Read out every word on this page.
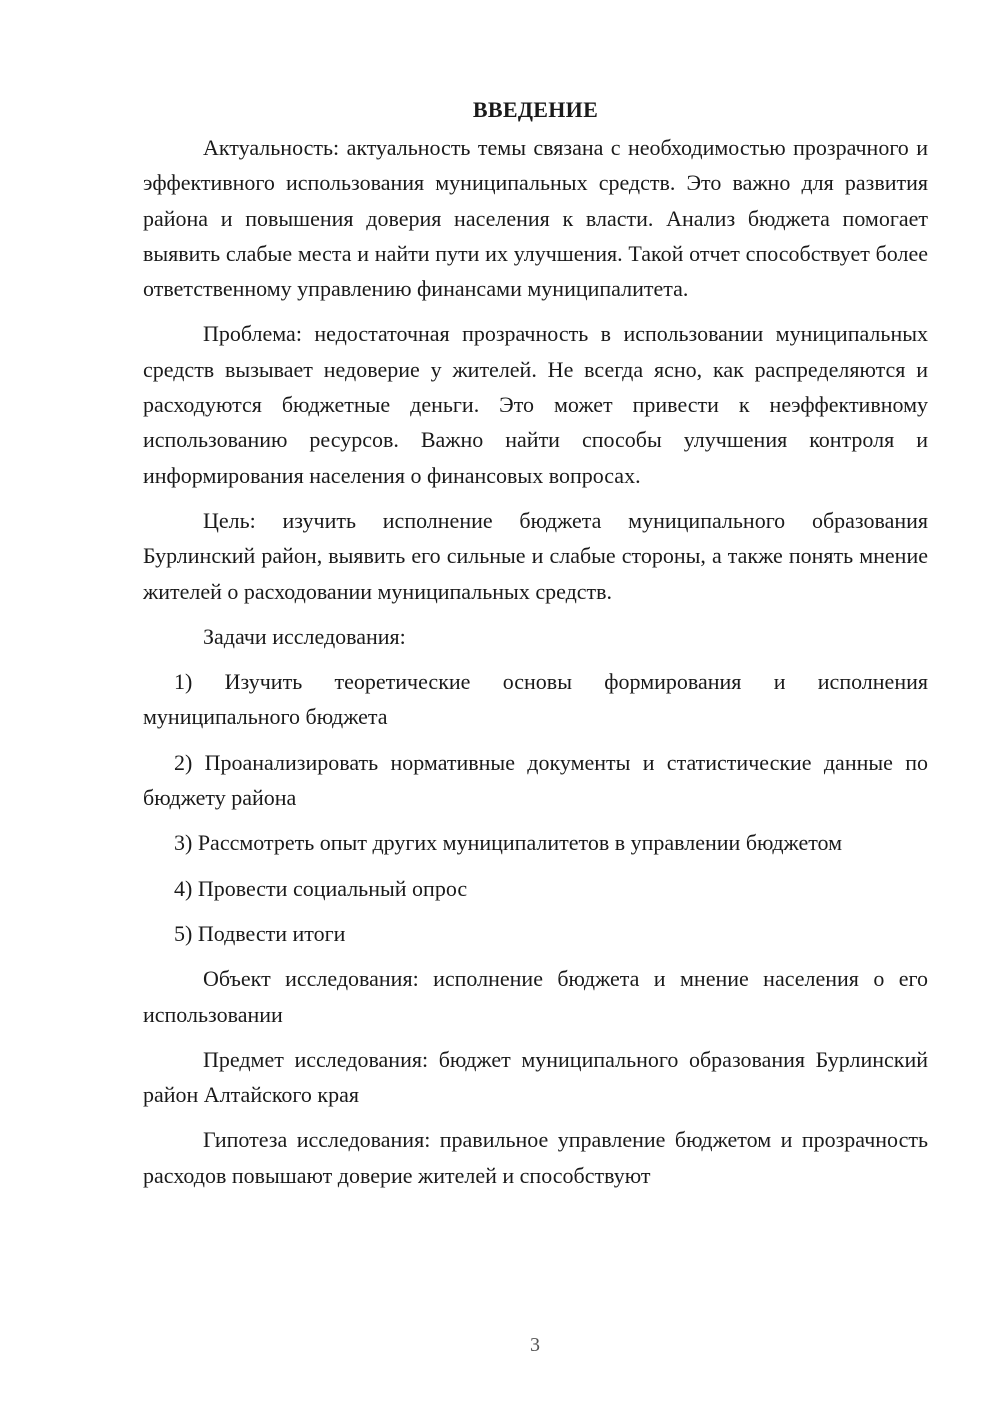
ВВЕДЕНИЕ

Актуальность: актуальность темы связана с необходимостью прозрачного и эффективного использования муниципальных средств. Это важно для развития района и повышения доверия населения к власти. Анализ бюджета помогает выявить слабые места и найти пути их улучшения. Такой отчет способствует более ответственному управлению финансами муниципалитета.

Проблема: недостаточная прозрачность в использовании муниципальных средств вызывает недоверие у жителей. Не всегда ясно, как распределяются и расходуются бюджетные деньги. Это может привести к неэффективному использованию ресурсов. Важно найти способы улучшения контроля и информирования населения о финансовых вопросах.

Цель: изучить исполнение бюджета муниципального образования Бурлинский район, выявить его сильные и слабые стороны, а также понять мнение жителей о расходовании муниципальных средств.

Задачи исследования:

1) Изучить теоретические основы формирования и исполнения муниципального бюджета

2) Проанализировать нормативные документы и статистические данные по бюджету района

3) Рассмотреть опыт других муниципалитетов в управлении бюджетом

4) Провести социальный опрос

5) Подвести итоги

Объект исследования: исполнение бюджета и мнение населения о его использовании

Предмет исследования: бюджет муниципального образования Бурлинский район Алтайского края

Гипотеза исследования: правильное управление бюджетом и прозрачность расходов повышают доверие жителей и способствуют

3
